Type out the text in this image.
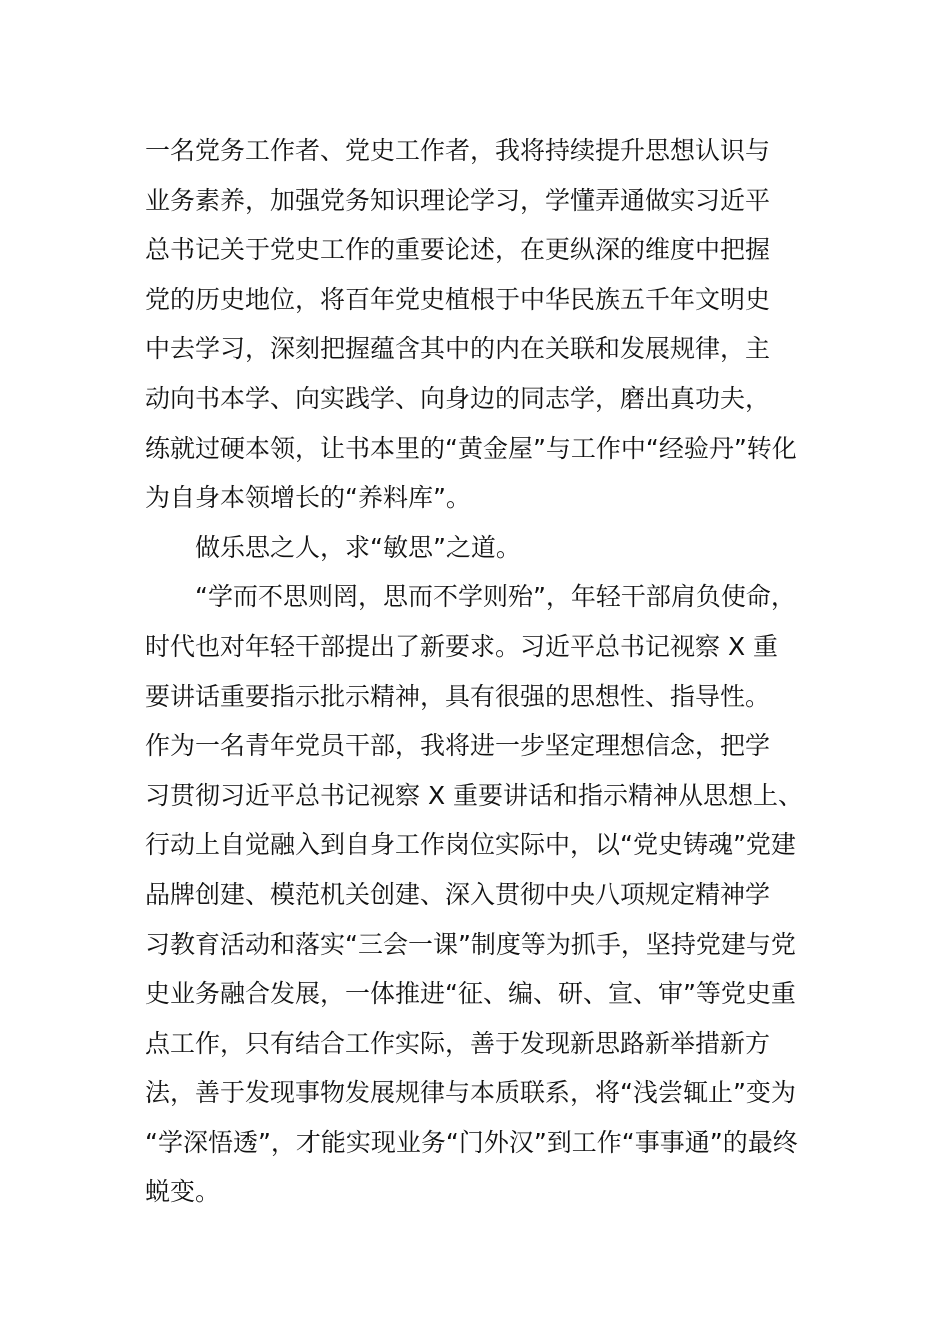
一名党务工作者、党史工作者，我将持续提升思想认识与
业务素养，加强党务知识理论学习，学懂弄通做实习近平
总书记关于党史工作的重要论述，在更纵深的维度中把握
党的历史地位，将百年党史植根于中华民族五千年文明史
中去学习，深刻把握蕴含其中的内在关联和发展规律，主
动向书本学、向实践学、向身边的同志学，磨出真功夫，
练就过硬本领，让书本里的“黄金屋”与工作中“经验丹”转化
为自身本领增长的“养料库”。
做乐思之人，求“敏思”之道。
“学而不思则罔，思而不学则殆”，年轻干部肩负使命，
时代也对年轻干部提出了新要求。习近平总书记视察 X 重
要讲话重要指示批示精神，具有很强的思想性、指导性。
作为一名青年党员干部，我将进一步坚定理想信念，把学
习贯彻习近平总书记视察 X 重要讲话和指示精神从思想上、
行动上自觉融入到自身工作岗位实际中，以“党史铸魂”党建
品牌创建、模范机关创建、深入贯彻中央八项规定精神学
习教育活动和落实“三会一课”制度等为抓手，坚持党建与党
史业务融合发展，一体推进“征、编、研、宣、审”等党史重
点工作，只有结合工作实际，善于发现新思路新举措新方
法，善于发现事物发展规律与本质联系，将“浅尝辄止”变为
“学深悟透”，才能实现业务“门外汉”到工作“事事通”的最终
蜕变。
